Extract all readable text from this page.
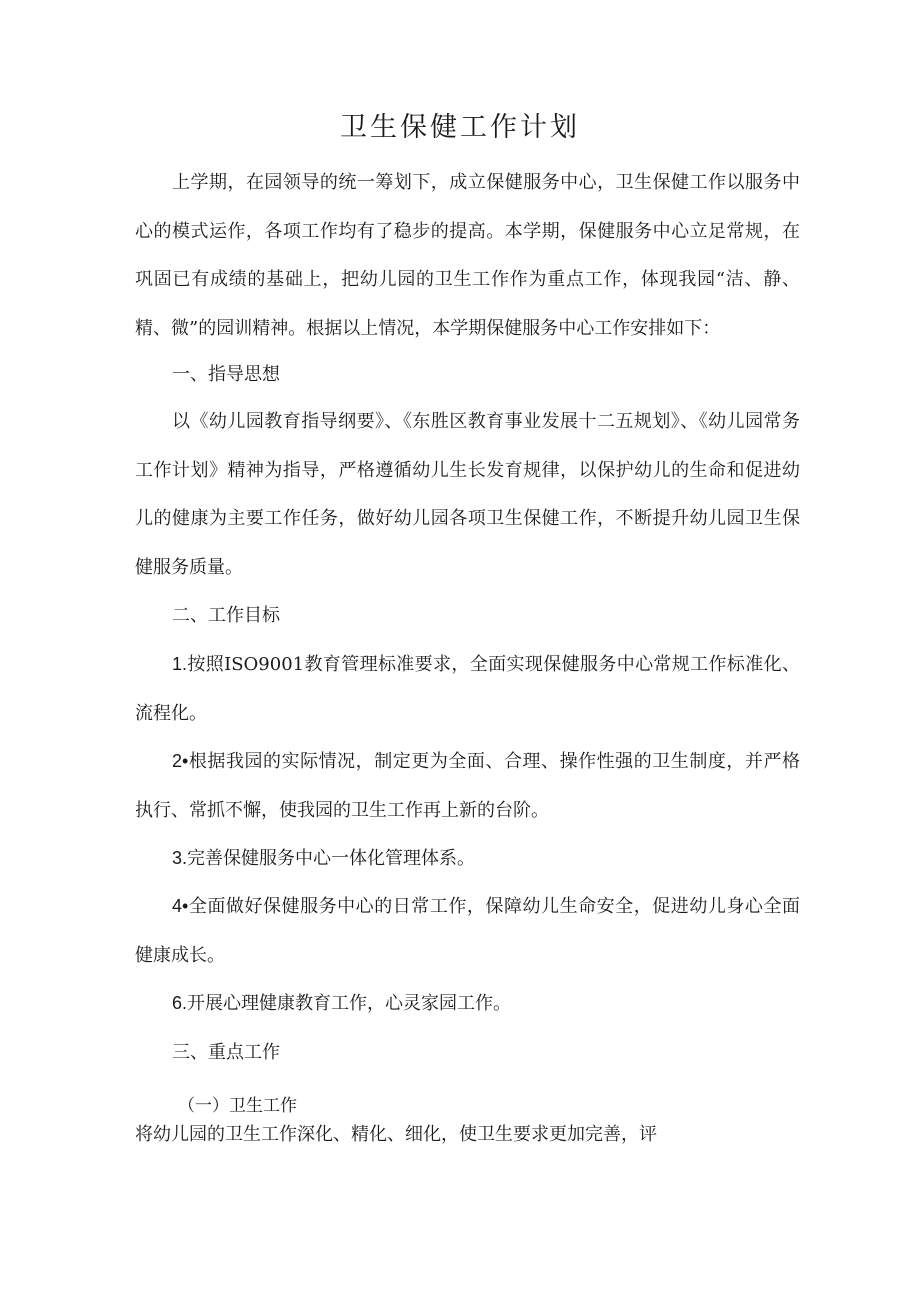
卫生保健工作计划

上学期，在园领导的统一筹划下，成立保健服务中心，卫生保健工作以服务中心的模式运作，各项工作均有了稳步的提高。本学期，保健服务中心立足常规，在巩固已有成绩的基础上，把幼儿园的卫生工作作为重点工作，体现我园“洁、静、精、微”的园训精神。根据以上情况，本学期保健服务中心工作安排如下：

一、指导思想

以《幼儿园教育指导纲要》、《东胜区教育事业发展十二五规划》、《幼儿园常务工作计划》精神为指导，严格遵循幼儿生长发育规律，以保护幼儿的生命和促进幼儿的健康为主要工作任务，做好幼儿园各项卫生保健工作，不断提升幼儿园卫生保健服务质量。

二、工作目标

1.按照ISO9001教育管理标准要求，全面实现保健服务中心常规工作标准化、流程化。

2•根据我园的实际情况，制定更为全面、合理、操作性强的卫生制度，并严格执行、常抓不懈，使我园的卫生工作再上新的台阶。

3.完善保健服务中心一体化管理体系。

4•全面做好保健服务中心的日常工作，保障幼儿生命安全，促进幼儿身心全面健康成长。

6.开展心理健康教育工作，心灵家园工作。

三、重点工作

（一）卫生工作

将幼儿园的卫生工作深化、精化、细化，使卫生要求更加完善，评
